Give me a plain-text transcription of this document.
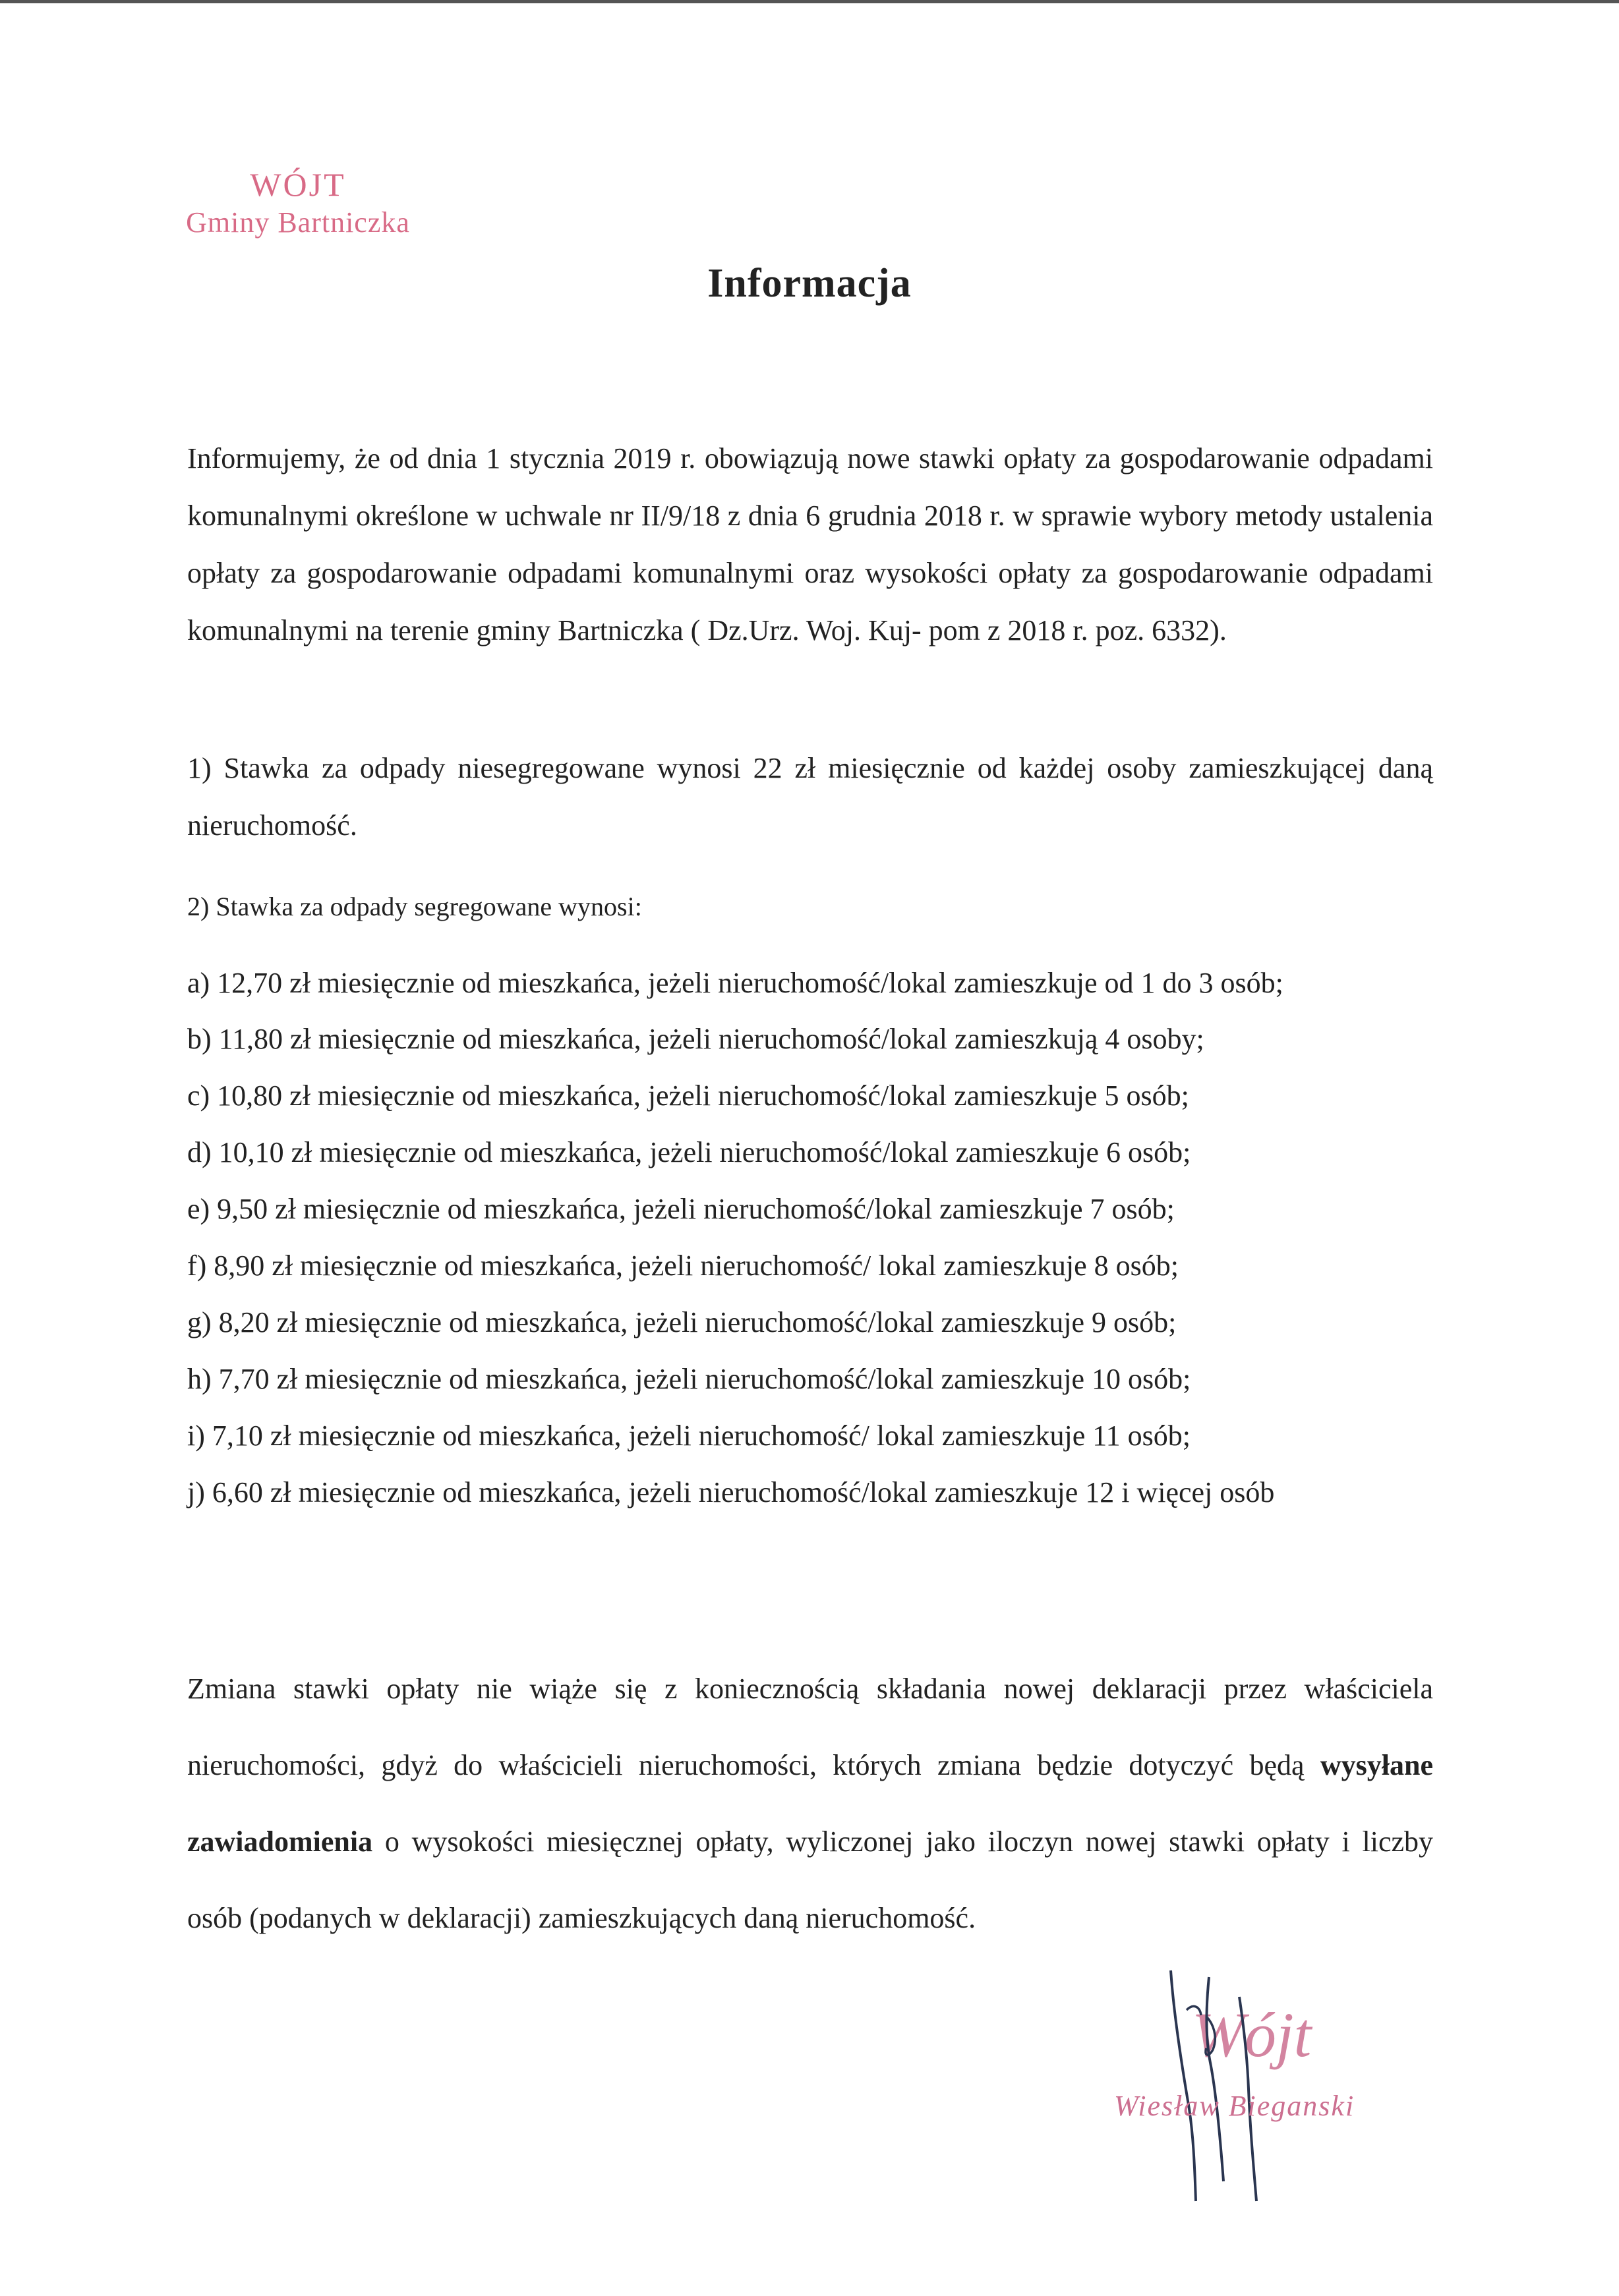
WÓJT
Gminy Bartniczka
Informacja

Informujemy, że od dnia 1 stycznia 2019 r. obowiązują nowe stawki opłaty za gospodarowanie odpadami komunalnymi określone w uchwale nr II/9/18 z dnia 6 grudnia 2018 r. w sprawie wybory metody ustalenia opłaty za gospodarowanie odpadami komunalnymi oraz wysokości opłaty za gospodarowanie odpadami komunalnymi na terenie gminy Bartniczka ( Dz.Urz. Woj. Kuj- pom z 2018 r. poz. 6332).

1) Stawka za odpady niesegregowane wynosi 22 zł miesięcznie od każdej osoby zamieszkującej daną nieruchomość.

2) Stawka za odpady segregowane wynosi:

a) 12,70 zł miesięcznie od mieszkańca, jeżeli nieruchomość/lokal zamieszkuje od 1 do 3 osób;
b) 11,80 zł miesięcznie od mieszkańca, jeżeli nieruchomość/lokal zamieszkują 4 osoby;
c) 10,80 zł miesięcznie od mieszkańca, jeżeli nieruchomość/lokal zamieszkuje 5 osób;
d) 10,10 zł miesięcznie od mieszkańca, jeżeli nieruchomość/lokal zamieszkuje 6 osób;
e) 9,50 zł miesięcznie od mieszkańca, jeżeli nieruchomość/lokal zamieszkuje 7 osób;
f) 8,90 zł miesięcznie od mieszkańca, jeżeli nieruchomość/ lokal zamieszkuje 8 osób;
g) 8,20 zł miesięcznie od mieszkańca, jeżeli nieruchomość/lokal zamieszkuje 9 osób;
h) 7,70 zł miesięcznie od mieszkańca, jeżeli nieruchomość/lokal zamieszkuje 10 osób;
i) 7,10 zł miesięcznie od mieszkańca, jeżeli nieruchomość/ lokal zamieszkuje 11 osób;
j) 6,60 zł miesięcznie od mieszkańca, jeżeli nieruchomość/lokal zamieszkuje 12 i więcej osób

Zmiana stawki opłaty nie wiąże się z koniecznością składania nowej deklaracji przez właściciela nieruchomości, gdyż do właścicieli nieruchomości, których zmiana będzie dotyczyć będą wysyłane zawiadomienia o wysokości miesięcznej opłaty, wyliczonej jako iloczyn nowej stawki opłaty i liczby osób (podanych w deklaracji) zamieszkujących daną nieruchomość.

Wójt
Wiesław Bieganski
